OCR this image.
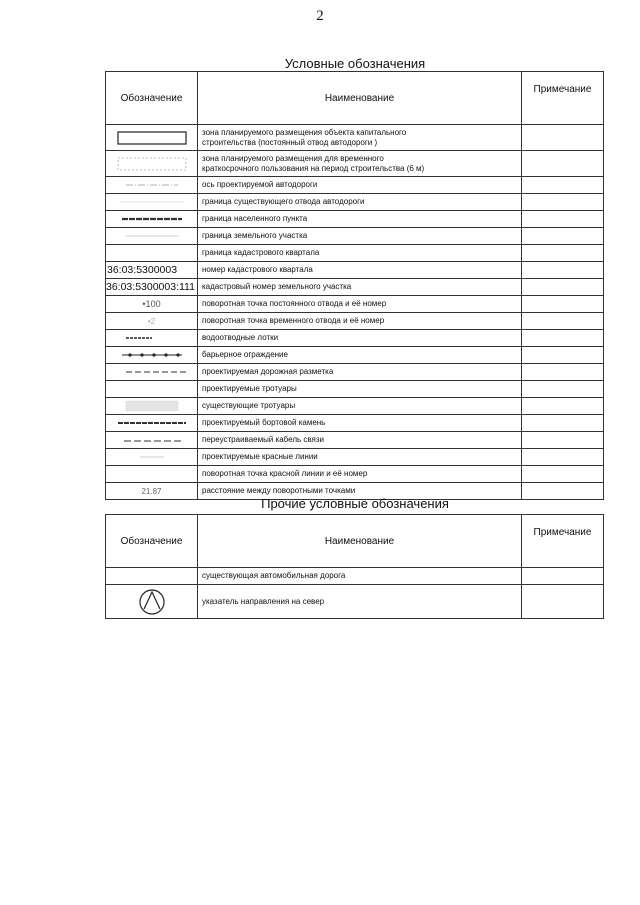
2
Условные обозначения
Обозначение	Наименование	Примечание

зона планируемого размещения объекта капитального
строительства (постоянный отвод автодороги )	

зона планируемого размещения для временного
краткосрочного пользования на период строительства (6 м)	

ось проектируемой автодороги	

граница существующего отвода автодороги	

граница населенного пункта	

граница земельного участка	

	граница кадастрового квартала	

36:03:5300003	номер кадастрового квартала	

36:03:5300003:111	кадастровый номер земельного участка	

•100	поворотная точка постоянного отвода и её номер	

•2	поворотная точка временного отвода и её номер	

водоотводные лотки	

барьерное ограждение	

проектируемая дорожная разметка	

	проектируемые тротуары	

существующие тротуары	

проектируемый бортовой камень	

переустраиваемый кабель связи	

проектируемые красные линии	

	поворотная точка красной линии и её номер	

21.87	расстояние между поворотными точками	

Прочие условные обозначения
Обозначение	Наименование	Примечание

	существующая автомобильная дорога	

указатель направления на север	
